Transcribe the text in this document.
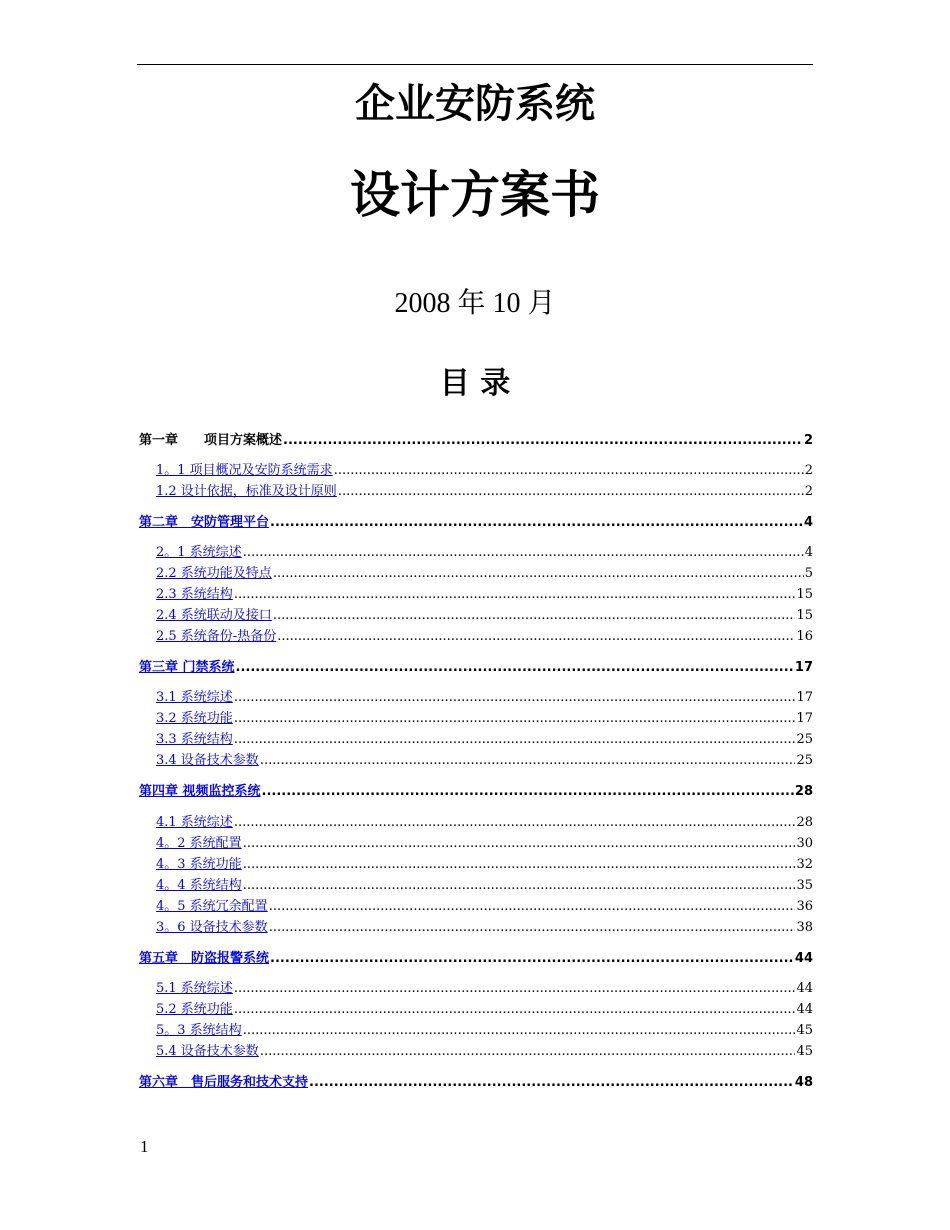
企业安防系统
设计方案书
2008 年 10 月
目 录
第一章　　项目方案概述 .....	2
1。1 项目概况及安防系统需求 .....	2
1.2 设计依据，标准及设计原则 .....	2
第二章　安防管理平台 .....	4
2。1 系统综述 .....	4
2.2 系统功能及特点 .....	5
2.3 系统结构 .....	15
2.4 系统联动及接口 .....	15
2.5 系统备份-热备份 .....	16
第三章 门禁系统 .....	17
3.1 系统综述 .....	17
3.2 系统功能 .....	17
3.3 系统结构 .....	25
3.4 设备技术参数 .....	25
第四章 视频监控系统 .....	28
4.1 系统综述 .....	28
4。2 系统配置 .....	30
4。3 系统功能 .....	32
4。4 系统结构 .....	35
4。5 系统冗余配置 .....	36
3。6 设备技术参数 .....	38
第五章　防盗报警系统 .....	44
5.1 系统综述 .....	44
5.2 系统功能 .....	44
5。3 系统结构 .....	45
5.4 设备技术参数 .....	45
第六章　售后服务和技术支持 .....	48
1
